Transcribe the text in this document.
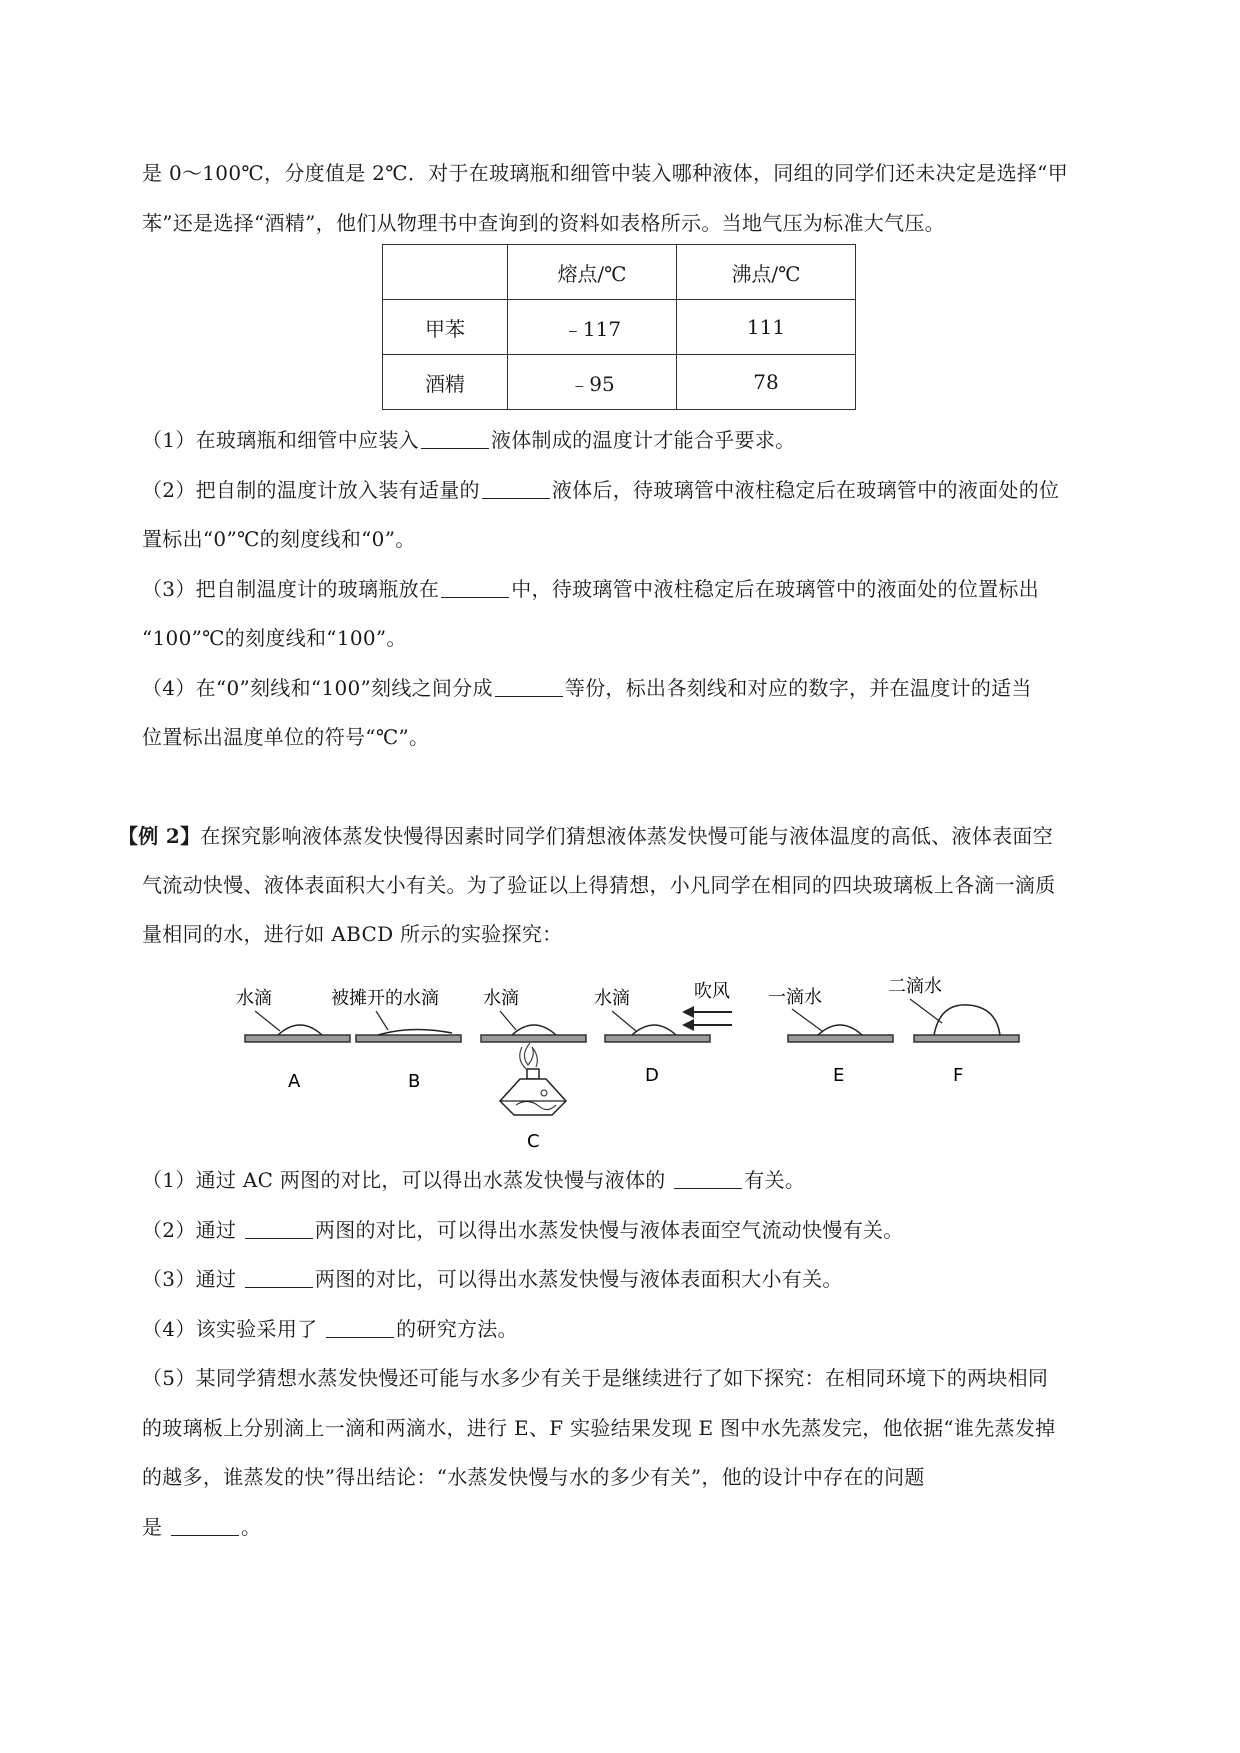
是 0～100℃，分度值是 2℃．对于在玻璃瓶和细管中装入哪种液体，同组的同学们还未决定是选择“甲
苯”还是选择“酒精”，他们从物理书中查询到的资料如表格所示。当地气压为标准大气压。
	熔点/℃	沸点/℃
甲苯	﹣117	111
酒精	﹣95	78
（1）在玻璃瓶和细管中应装入	液体制成的温度计才能合乎要求。
（2）把自制的温度计放入装有适量的	液体后，待玻璃管中液柱稳定后在玻璃管中的液面处的位
置标出“0”℃的刻度线和“0”。
（3）把自制温度计的玻璃瓶放在	中，待玻璃管中液柱稳定后在玻璃管中的液面处的位置标出
“100”℃的刻度线和“100”。
（4）在“0”刻线和“100”刻线之间分成	等份，标出各刻线和对应的数字，并在温度计的适当
位置标出温度单位的符号“℃”。
【例 2】在探究影响液体蒸发快慢得因素时同学们猜想液体蒸发快慢可能与液体温度的高低、液体表面空
气流动快慢、液体表面积大小有关。为了验证以上得猜想，小凡同学在相同的四块玻璃板上各滴一滴质
量相同的水，进行如 ABCD 所示的实验探究：
水滴	被摊开的水滴 水滴	水滴	吹风 一滴水
二滴水
A	B
C
D	E	F
（1）通过 AC 两图的对比，可以得出水蒸发快慢与液体的	有关。
（2）通过	两图的对比，可以得出水蒸发快慢与液体表面空气流动快慢有关。
（3）通过	两图的对比，可以得出水蒸发快慢与液体表面积大小有关。
（4）该实验采用了	的研究方法。
（5）某同学猜想水蒸发快慢还可能与水多少有关于是继续进行了如下探究：在相同环境下的两块相同
的玻璃板上分别滴上一滴和两滴水，进行 E、F 实验结果发现 E 图中水先蒸发完，他依据“谁先蒸发掉
的越多，谁蒸发的快”得出结论：“水蒸发快慢与水的多少有关”，他的设计中存在的问题
是	。
